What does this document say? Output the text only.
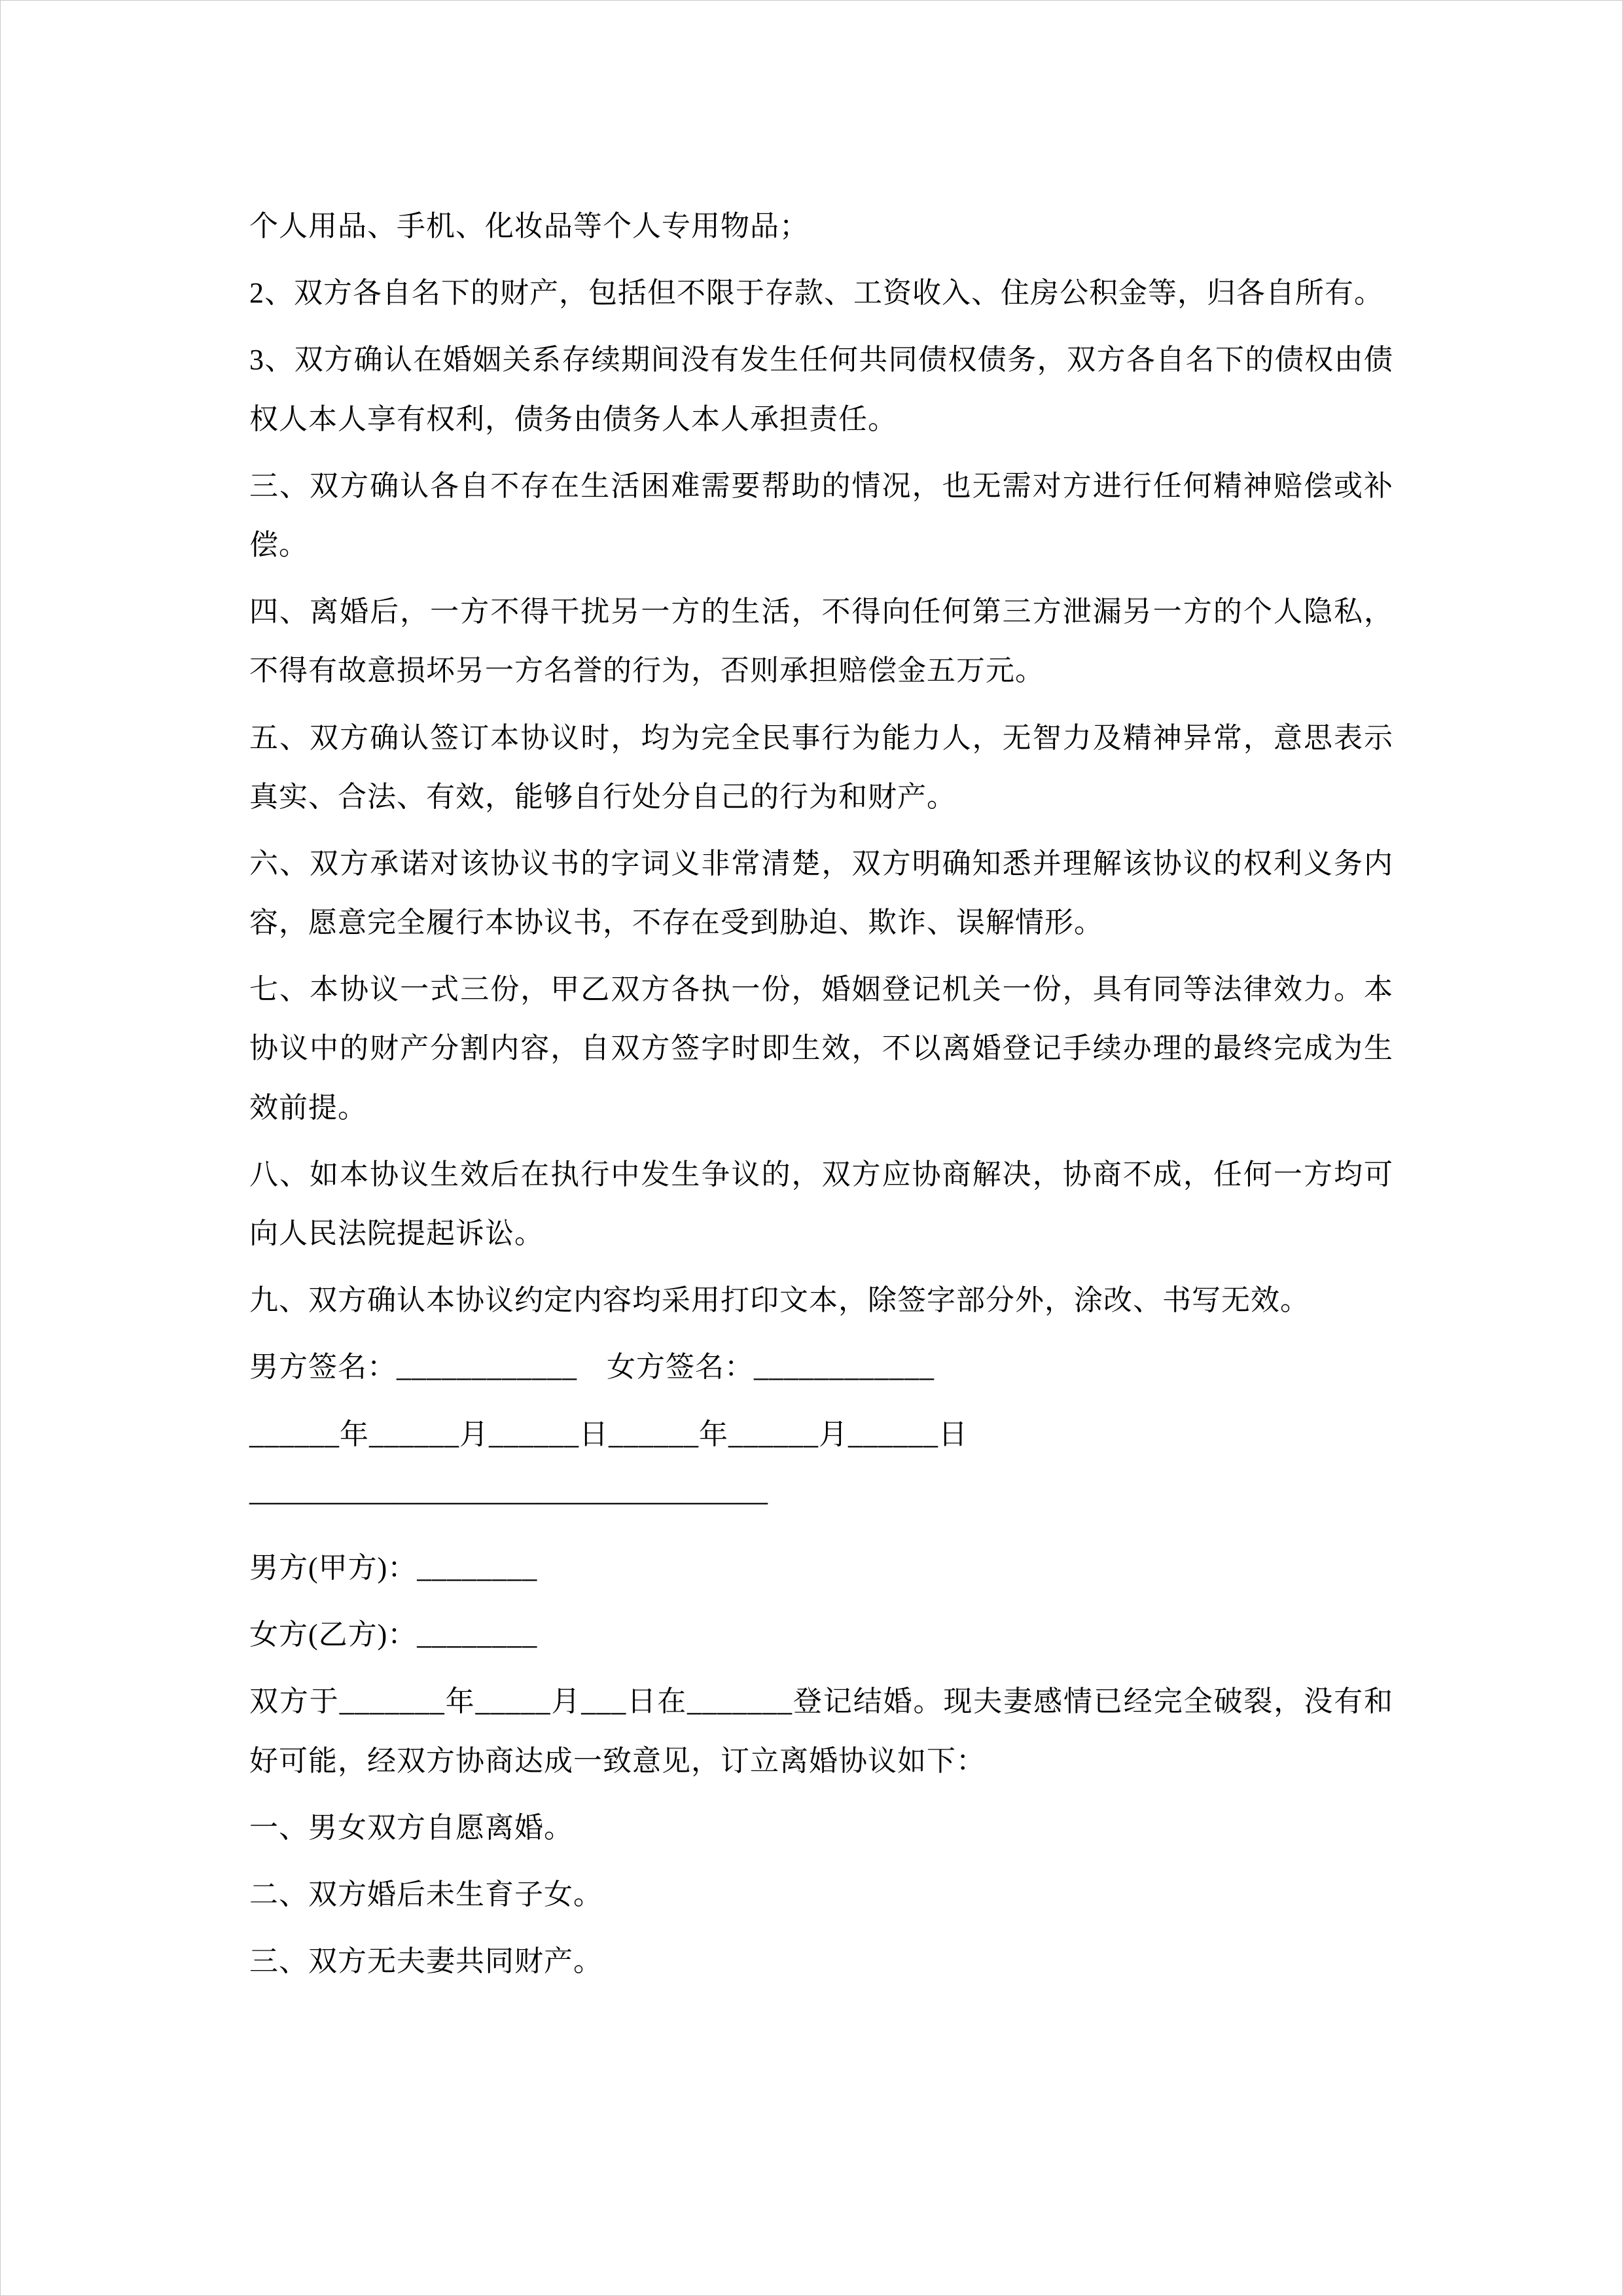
个人用品、手机、化妆品等个人专用物品；
2、双方各自名下的财产，包括但不限于存款、工资收入、住房公积金等，归各自所有。
3、双方确认在婚姻关系存续期间没有发生任何共同债权债务，双方各自名下的债权由债权人本人享有权利，债务由债务人本人承担责任。
三、双方确认各自不存在生活困难需要帮助的情况，也无需对方进行任何精神赔偿或补偿。
四、离婚后，一方不得干扰另一方的生活，不得向任何第三方泄漏另一方的个人隐私，不得有故意损坏另一方名誉的行为，否则承担赔偿金五万元。
五、双方确认签订本协议时，均为完全民事行为能力人，无智力及精神异常，意思表示真实、合法、有效，能够自行处分自己的行为和财产。
六、双方承诺对该协议书的字词义非常清楚，双方明确知悉并理解该协议的权利义务内容，愿意完全履行本协议书，不存在受到胁迫、欺诈、误解情形。
七、本协议一式三份，甲乙双方各执一份，婚姻登记机关一份，具有同等法律效力。本协议中的财产分割内容，自双方签字时即生效，不以离婚登记手续办理的最终完成为生效前提。
八、如本协议生效后在执行中发生争议的，双方应协商解决，协商不成，任何一方均可向人民法院提起诉讼。
九、双方确认本协议约定内容均采用打印文本，除签字部分外，涂改、书写无效。
男方签名：____________　女方签名：____________
______年______月______日______年______月______日
——————————————————
男方(甲方)：________
女方(乙方)：________
双方于_______年_____月___日在_______登记结婚。现夫妻感情已经完全破裂，没有和好可能，经双方协商达成一致意见，订立离婚协议如下：
一、男女双方自愿离婚。
二、双方婚后未生育子女。
三、双方无夫妻共同财产。
